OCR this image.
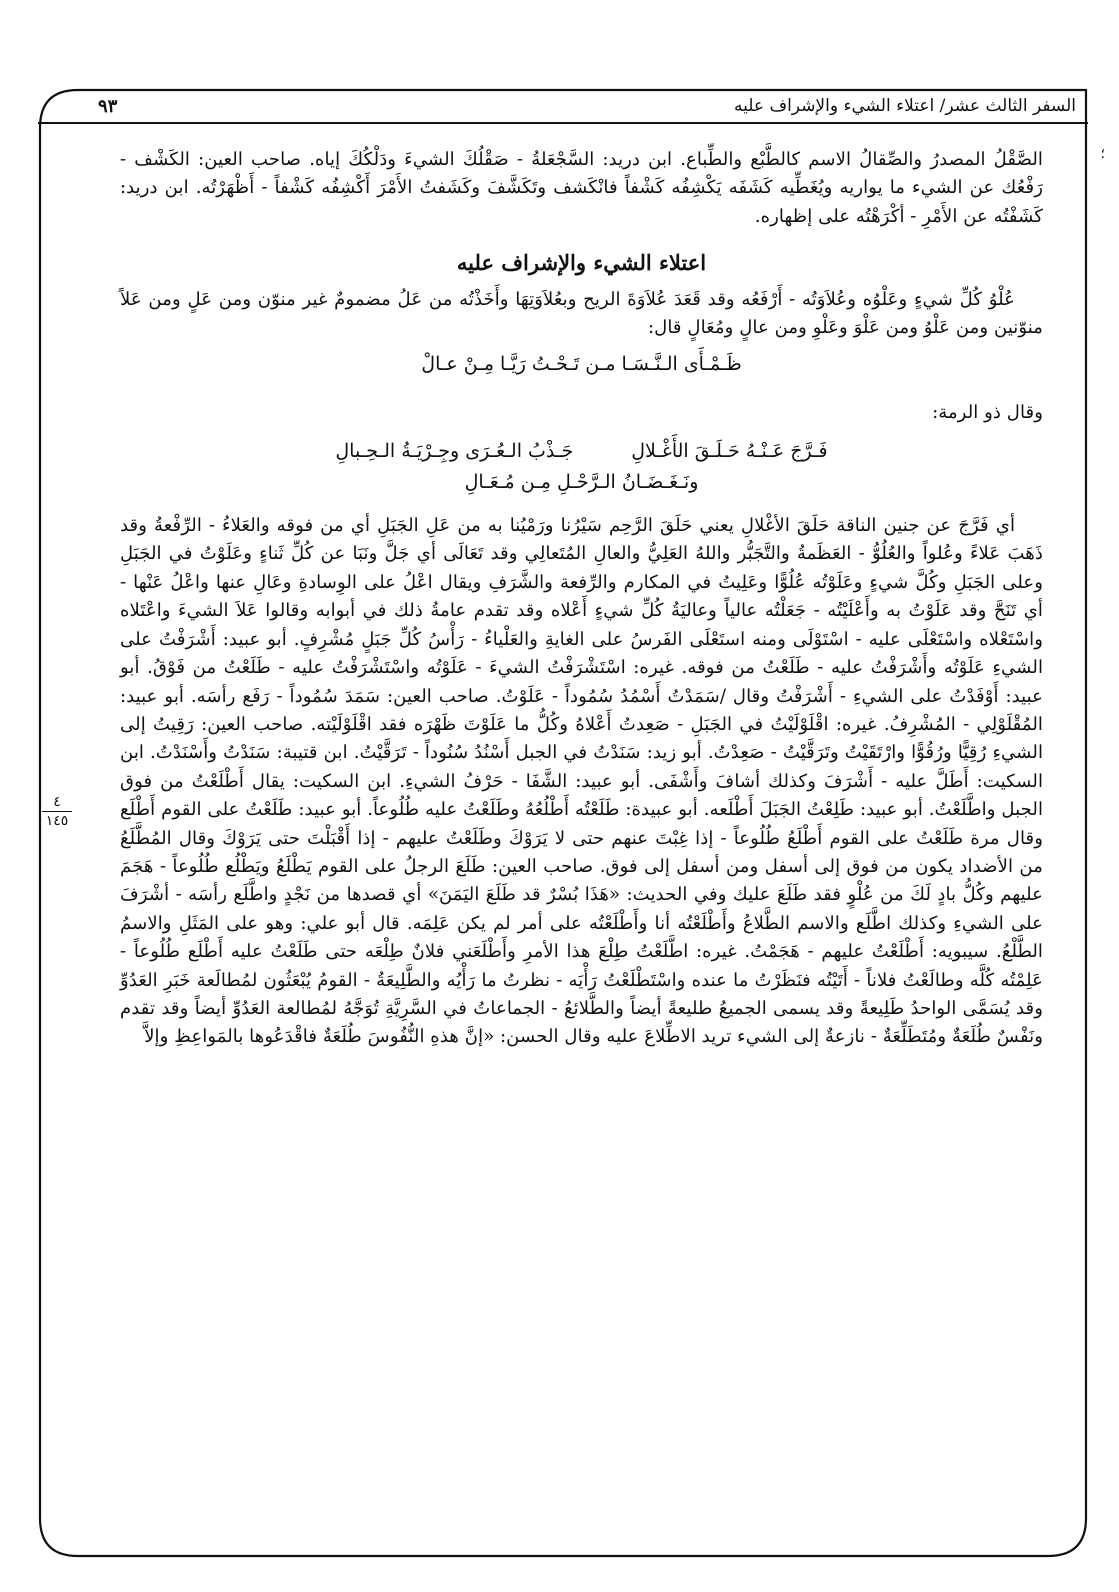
السفر الثالث عشر/ اعتلاء الشيء والإشراف عليه
٩٣
؛
٤
١٤٥

الصَّقْلُ المصدرُ والصِّقالُ الاسم كالطَّبْع والطِّباع. ابن دريد: السَّجْعَلةُ - صَقْلُكَ الشيءَ ودَلْكُكَ إياه. صاحب العين: الكَشْف - رَفْعُك عن الشيء ما يواريه ويُغَطِّيه كَشَفَه يَكْشِفُه كَشْفاً فانْكَشف وتَكَشَّفَ وكَشَفتُ الأَمْرَ أَكْشِفُه كَشْفاً - أَظْهَرْتُه. ابن دريد: كَشَفْتُه عن الأَمْرِ - أكْرَهْتُه على إظهاره.

اعتلاء الشيء والإشراف عليه

عُلْوُ كُلِّ شيءٍ وعَلْوُه وعُلاَوَتُه - أَرْفَعُه وقد قَعَدَ عُلاَوَةَ الريح وبعُلاَوَتِهَا وأَخَذْتُه من عَلُ مضمومٌ غير منوّن ومن عَلٍ ومن عَلاً منوّنين ومن عَلْوُ ومن عَلْوَ وعَلْوِ ومن عالٍ ومُعَالٍ قال:

ظَـمْـأَى الـنَّـسَـا مـن تَـحْـتُ رَيَّـا مِـنْ عـالْ

وقال ذو الرمة:

فَـرَّجَ عَـنْـهُ حَـلَـقَ الأَغْـلالِ
جَـذْبُ الـعُـرَى وجِـرْيَـةُ الـحِـبالِ
ونَـغَـضَـانُ الـرَّحْـلِ مِـن مُـعَـالِ

أي فَرَّجَ عن جنين الناقة حَلَقَ الأغْلالِ يعني حَلَقَ الرَّحِم سَيْرُنا ورَمْيُنا به من عَلِ الجَبَلِ أي من فوقه والعَلاءُ - الرِّفْعةُ وقد ذَهَبَ عَلاءً وعُلواً والعُلُوُّ - العَظَمةُ والتَّجَبُّر واللهُ العَلِيُّ والعالِ المُتَعالِي وقد تَعَالَى أي جَلَّ ونَبَا عن كُلِّ ثَناءٍ وعَلَوْتُ في الجَبَلِ وعلى الجَبَلِ وكُلَّ شيءٍ وعَلَوْتُه عُلُوًّا وعَلِيتُ في المكارم والرِّفعة والشَّرَفِ ويقال اعْلُ على الوِسادةِ وعَالِ عنها واعْلُ عَنْها - أي تَنَحَّ وقد عَلَوْتُ به وأَعْلَيْتُه - جَعَلْتُه عالياً وعاليَةُ كُلِّ شيءٍ أَعْلاه وقد تقدم عامةُ ذلك في أبوابه وقالوا عَلاَ الشيءَ واعْتَلاه واسْتَعْلاه واسْتَعْلَى عليه - اسْتَوْلَى ومنه استَعْلَى الفَرسُ على الغايةِ والعَلْياءُ - رَأْسُ كُلِّ جَبَلٍ مُشْرِفٍ. أبو عبيد: أَشْرَفْتُ على الشيءِ عَلَوْتُه وأَشْرَفْتُ عليه - طَلَعْتُ من فوقه. غيره: اسْتَشْرَفْتُ الشيءَ - عَلَوْتُه واسْتَشْرَفْتُ عليه - طَلَعْتُ من فَوْقُ. أبو عبيد: أَوْفَدْتُ على الشيءِ - أَشْرَفْتُ وقال /سَمَدْتُ أَسْمُدُ سُمُوداً - عَلَوْتُ. صاحب العين: سَمَدَ سُمُوداً - رَفَع رأسَه. أبو عبيد: المُقْلَوْلِي - المُشْرِفُ. غيره: اقْلَوْلَيْتُ في الجَبَلِ - صَعِدتُ أَعْلاهُ وكُلُّ ما عَلَوْتَ ظَهْرَه فقد اقْلَوْلَيْته. صاحب العين: رَقِيتُ إلى الشيءِ رُقِيًّا ورُقُوًّا وارْتَقَيْتُ وتَرَقَّيْتُ - صَعِدْتُ. أبو زيد: سَنَدْتُ في الجبل أَسْنُدُ سُنُوداً - تَرَقَّيْتُ. ابن قتيبة: سَنَدْتُ وأَسْنَدْتُ. ابن السكيت: أَطَلَّ عليه - أَشْرَفَ وكذلك أشافَ وأَشْفَى. أبو عبيد: الشَّفَا - حَرْفُ الشيءِ. ابن السكيت: يقال أَطْلَعْتُ من فوق الجبل واطَّلَعْتُ. أبو عبيد: طَلِعْتُ الجَبَلَ أَطْلَعه. أبو عبيدة: طَلَعْتُه أَطْلُعُهُ وطَلَعْتُ عليه طُلُوعاً. أبو عبيد: طَلَعْتُ على القوم أَطْلَع وقال مرة طَلَعْتُ على القوم أَطْلَعُ طُلُوعاً - إذا غِبْتَ عنهم حتى لا يَرَوْكَ وطَلَعْتُ عليهم - إذا أَقْبَلْتَ حتى يَرَوْكَ وقال المُطَّلَعُ من الأضداد يكون من فوق إلى أسفل ومن أسفل إلى فوق. صاحب العين: طَلَعَ الرجلُ على القوم يَطْلَعُ ويَطْلُع طُلُوعاً - هَجَمَ عليهم وكُلُّ بادٍ لَكَ من عُلْوٍ فقد طَلَعَ عليك وفي الحديث: «هَذَا بُسْرٌ قد طَلَعَ اليَمَنَ» أي قصدها من نَجْدٍ واطَّلَع رأسَه - أشْرَفَ على الشيءِ وكذلك اطَّلَع والاسم الطَّلاعُ وأَطْلَعْتُه أنا وأَطْلَعْتُه على أمر لم يكن عَلِمَه. قال أبو علي: وهو على المَثَلِ والاسمُ الطَّلْعُ. سيبويه: أَطْلَعْتُ عليهم - هَجَمْتُ. غيره: اطَّلَعْتُ طِلْعَ هذا الأمرِ وأَطْلَعَني فلانٌ طِلْعَه حتى طَلَعْتُ عليه أَطْلَع طُلُوعاً - عَلِمْتُه كُلَّه وطالَعْتُ فلاناً - أَتَيْتُه فنَظَرْتُ ما عنده واسْتَطْلَعْتُ رَأْيَه - نظرتُ ما رَأْيُه والطَّلِيعَةُ - القومُ يُبْعَثُون لمُطالَعة خَبَرِ العَدُوِّ وقد يُسَمَّى الواحدُ طَلِيعةً وقد يسمى الجميعُ طليعةً أيضاً والطَّلائعُ - الجماعاتُ في السَّرِيَّةِ تُوَجَّهُ لمُطالعة العَدُوِّ أيضاً وقد تقدم ونَفْسٌ طُلَعَةٌ ومُتَطَلِّعَةٌ - نازعةٌ إلى الشيء تريد الاطِّلاعَ عليه وقال الحسن: «إنَّ هذهِ النُّفُوسَ طُلَعَةٌ فاقْدَعُوها بالمَواعِظِ وإلاَّ
